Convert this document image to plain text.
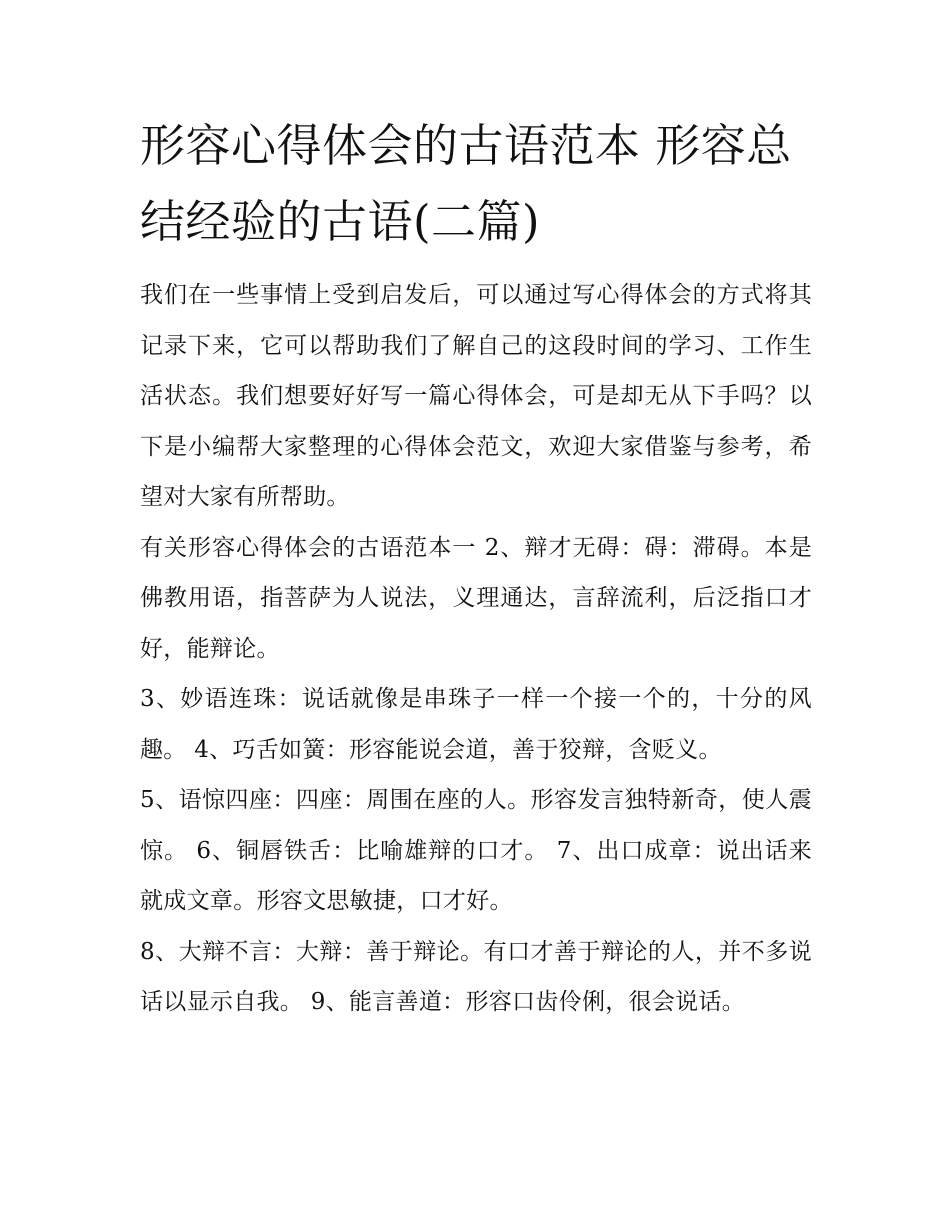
形容心得体会的古语范本 形容总结经验的古语(二篇)

我们在一些事情上受到启发后，可以通过写心得体会的方式将其记录下来，它可以帮助我们了解自己的这段时间的学习、工作生活状态。我们想要好好写一篇心得体会，可是却无从下手吗？以下是小编帮大家整理的心得体会范文，欢迎大家借鉴与参考，希望对大家有所帮助。

有关形容心得体会的古语范本一 2、辩才无碍：碍：滞碍。本是佛教用语，指菩萨为人说法，义理通达，言辞流利，后泛指口才好，能辩论。

3、妙语连珠：说话就像是串珠子一样一个接一个的，十分的风趣。 4、巧舌如簧：形容能说会道，善于狡辩，含贬义。

5、语惊四座：四座：周围在座的人。形容发言独特新奇，使人震惊。 6、铜唇铁舌：比喻雄辩的口才。 7、出口成章：说出话来就成文章。形容文思敏捷，口才好。

8、大辩不言：大辩：善于辩论。有口才善于辩论的人，并不多说话以显示自我。 9、能言善道：形容口齿伶俐，很会说话。
